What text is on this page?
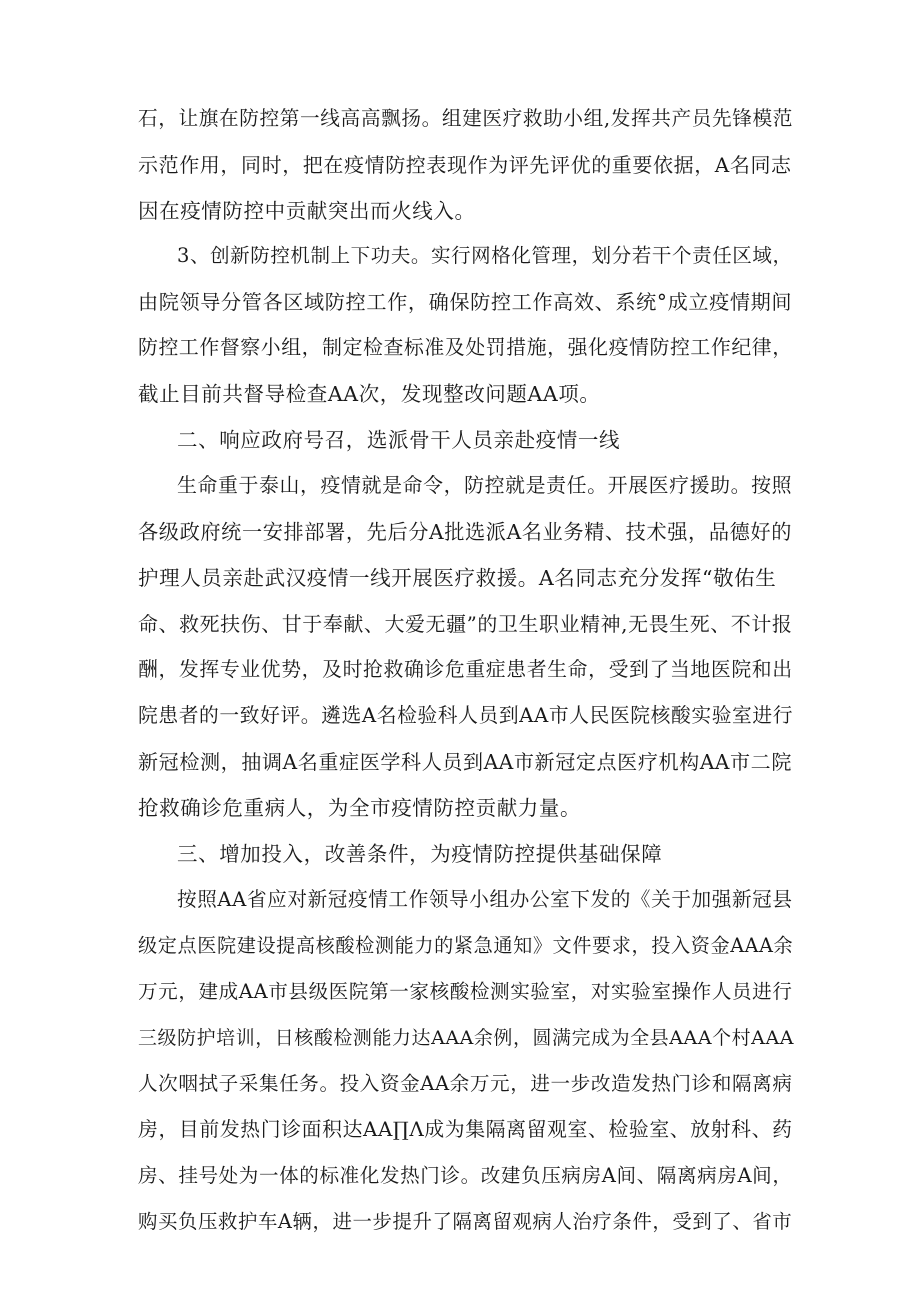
石，让旗在防控第一线高高飘扬。组建医疗救助小组,发挥共产员先锋模范
示范作用，同时，把在疫情防控表现作为评先评优的重要依据，A名同志
因在疫情防控中贡献突出而火线入。
3、创新防控机制上下功夫。实行网格化管理，划分若干个责任区域，
由院领导分管各区域防控工作，确保防控工作高效、系统°成立疫情期间
防控工作督察小组，制定检查标准及处罚措施，强化疫情防控工作纪律，
截止目前共督导检查AA次，发现整改问题AA项。
二、响应政府号召，选派骨干人员亲赴疫情一线
生命重于泰山，疫情就是命令，防控就是责任。开展医疗援助。按照
各级政府统一安排部署，先后分A批选派A名业务精、技术强，品德好的
护理人员亲赴武汉疫情一线开展医疗救援。A名同志充分发挥“敬佑生
命、救死扶伤、甘于奉献、大爱无疆”的卫生职业精神,无畏生死、不计报
酬，发挥专业优势，及时抢救确诊危重症患者生命，受到了当地医院和出
院患者的一致好评。遴选A名检验科人员到AA市人民医院核酸实验室进行
新冠检测，抽调A名重症医学科人员到AA市新冠定点医疗机构AA市二院
抢救确诊危重病人，为全市疫情防控贡献力量。
三、增加投入，改善条件，为疫情防控提供基础保障
按照AA省应对新冠疫情工作领导小组办公室下发的《关于加强新冠县
级定点医院建设提高核酸检测能力的紧急通知》文件要求，投入资金AAA余
万元，建成AA市县级医院第一家核酸检测实验室，对实验室操作人员进行
三级防护培训，日核酸检测能力达AAA余例，圆满完成为全县AAA个村AAA
人次咽拭子采集任务。投入资金AA余万元，进一步改造发热门诊和隔离病
房，目前发热门诊面积达AA∏Λ成为集隔离留观室、检验室、放射科、药
房、挂号处为一体的标准化发热门诊。改建负压病房A间、隔离病房A间，
购买负压救护车A辆，进一步提升了隔离留观病人治疗条件，受到了、省市
